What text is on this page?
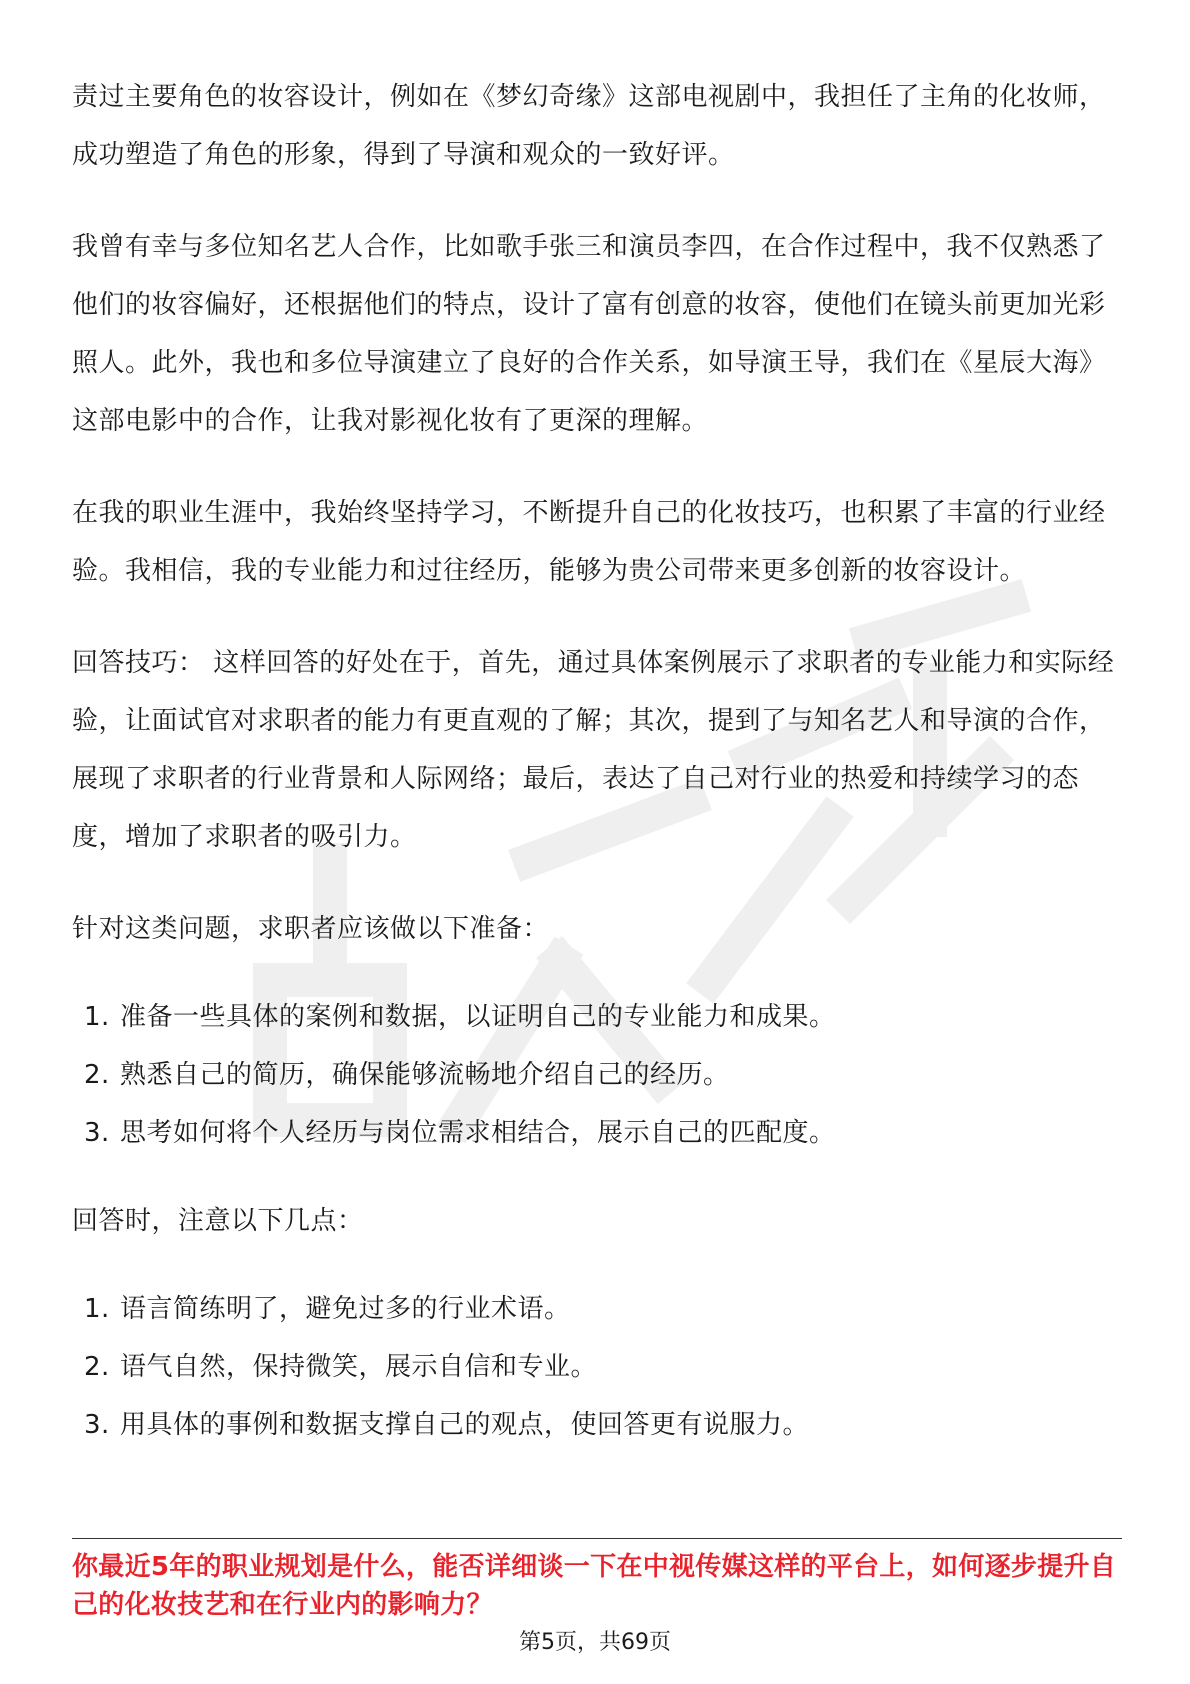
责过主要角色的妆容设计，例如在《梦幻奇缘》这部电视剧中，我担任了主角的化妆师，成功塑造了角色的形象，得到了导演和观众的一致好评。

我曾有幸与多位知名艺人合作，比如歌手张三和演员李四，在合作过程中，我不仅熟悉了他们的妆容偏好，还根据他们的特点，设计了富有创意的妆容，使他们在镜头前更加光彩照人。此外，我也和多位导演建立了良好的合作关系，如导演王导，我们在《星辰大海》这部电影中的合作，让我对影视化妆有了更深的理解。

在我的职业生涯中，我始终坚持学习，不断提升自己的化妆技巧，也积累了丰富的行业经验。我相信，我的专业能力和过往经历，能够为贵公司带来更多创新的妆容设计。

回答技巧： 这样回答的好处在于，首先，通过具体案例展示了求职者的专业能力和实际经验，让面试官对求职者的能力有更直观的了解；其次，提到了与知名艺人和导演的合作，展现了求职者的行业背景和人际网络；最后，表达了自己对行业的热爱和持续学习的态度，增加了求职者的吸引力。

针对这类问题，求职者应该做以下准备：

1. 准备一些具体的案例和数据，以证明自己的专业能力和成果。
2. 熟悉自己的简历，确保能够流畅地介绍自己的经历。
3. 思考如何将个人经历与岗位需求相结合，展示自己的匹配度。

回答时，注意以下几点：

1. 语言简练明了，避免过多的行业术语。
2. 语气自然，保持微笑，展示自信和专业。
3. 用具体的事例和数据支撑自己的观点，使回答更有说服力。
你最近5年的职业规划是什么，能否详细谈一下在中视传媒这样的平台上，如何逐步提升自己的化妆技艺和在行业内的影响力？
第5页，共69页
